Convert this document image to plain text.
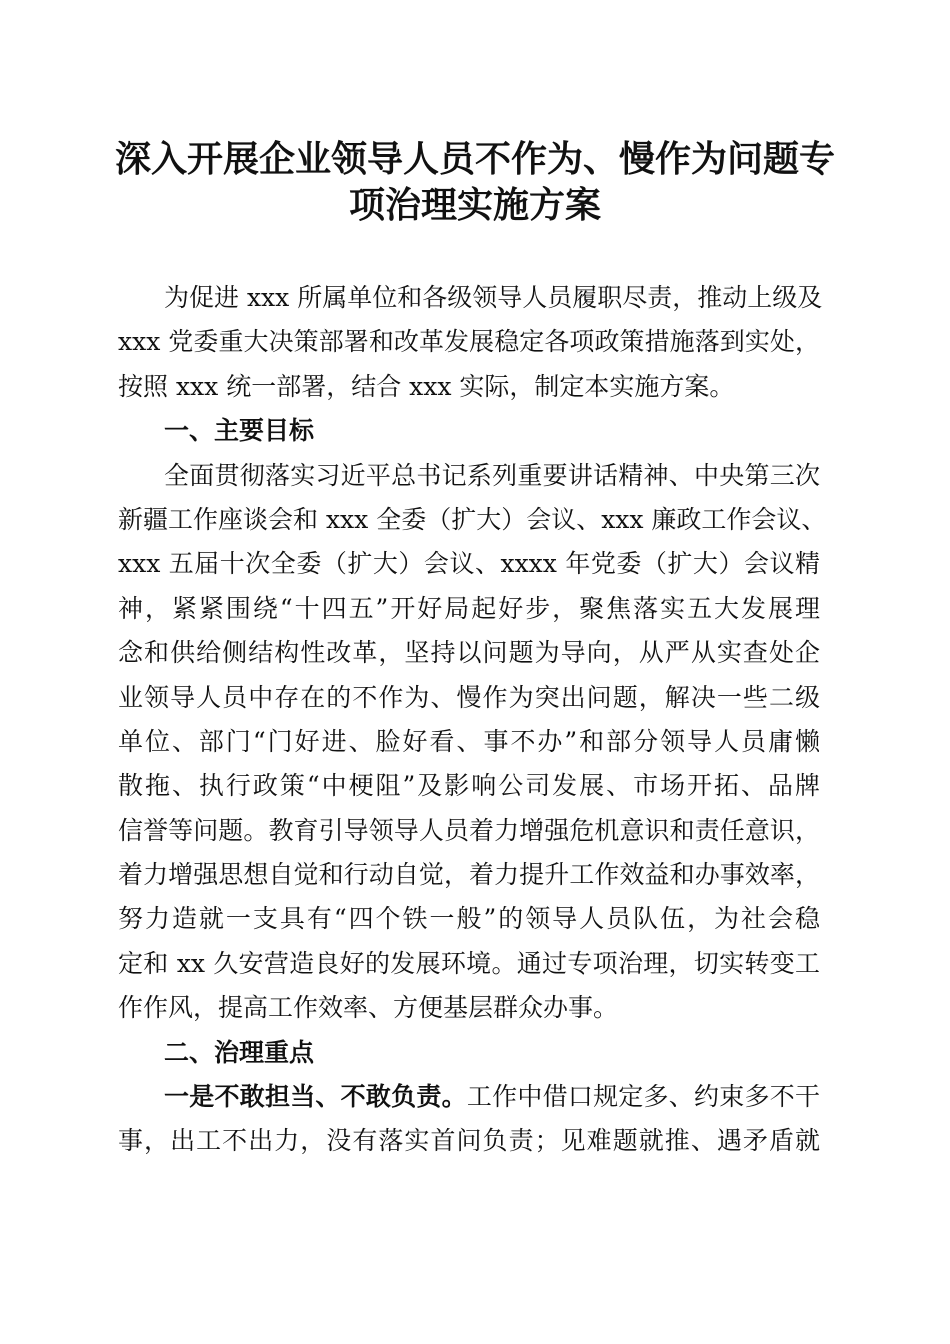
深入开展企业领导人员不作为、慢作为问题专
项治理实施方案
为促进 xxx 所属单位和各级领导人员履职尽责，推动上级及
xxx 党委重大决策部署和改革发展稳定各项政策措施落到实处，
按照 xxx 统一部署，结合 xxx 实际，制定本实施方案。
一、主要目标
全面贯彻落实习近平总书记系列重要讲话精神、中央第三次
新疆工作座谈会和 xxx 全委（扩大）会议、xxx 廉政工作会议、
xxx 五届十次全委（扩大）会议、xxxx 年党委（扩大）会议精
神，紧紧围绕“十四五”开好局起好步，聚焦落实五大发展理
念和供给侧结构性改革，坚持以问题为导向，从严从实查处企
业领导人员中存在的不作为、慢作为突出问题，解决一些二级
单位、部门“门好进、脸好看、事不办”和部分领导人员庸懒
散拖、执行政策“中梗阻”及影响公司发展、市场开拓、品牌
信誉等问题。教育引导领导人员着力增强危机意识和责任意识，
着力增强思想自觉和行动自觉，着力提升工作效益和办事效率，
努力造就一支具有“四个铁一般”的领导人员队伍，为社会稳
定和 xx 久安营造良好的发展环境。通过专项治理，切实转变工
作作风，提高工作效率、方便基层群众办事。
二、治理重点
一是不敢担当、不敢负责。工作中借口规定多、约束多不干
事，出工不出力，没有落实首问负责；见难题就推、遇矛盾就
